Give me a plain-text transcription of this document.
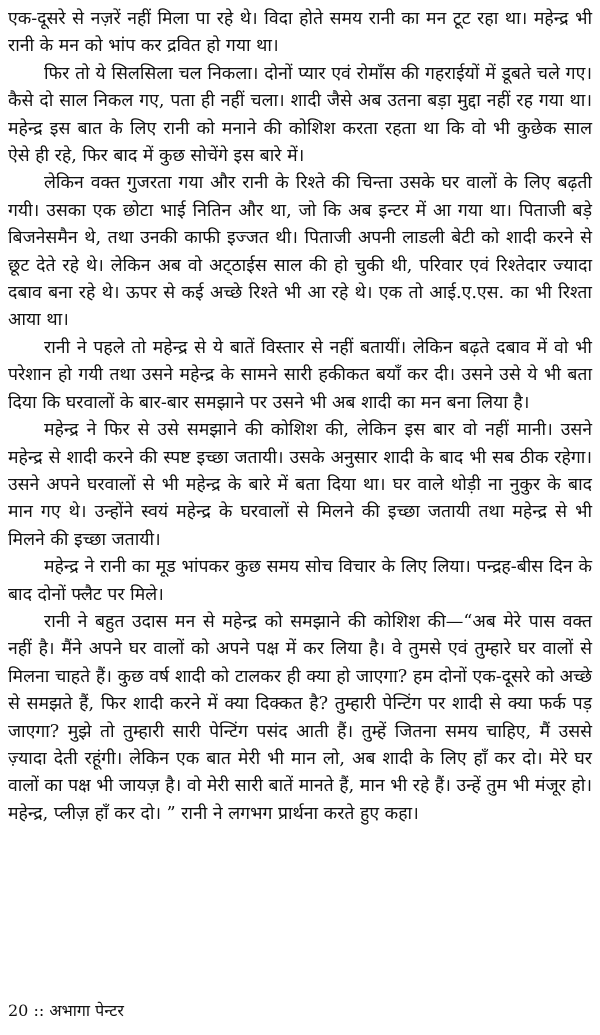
एक-दूसरे से नज़रें नहीं मिला पा रहे थे। विदा होते समय रानी का मन टूट रहा था। महेन्द्र भी रानी के मन को भांप कर द्रवित हो गया था।

फिर तो ये सिलसिला चल निकला। दोनों प्यार एवं रोमाँस की गहराईयों में डूबते चले गए। कैसे दो साल निकल गए, पता ही नहीं चला। शादी जैसे अब उतना बड़ा मुद्दा नहीं रह गया था। महेन्द्र इस बात के लिए रानी को मनाने की कोशिश करता रहता था कि वो भी कुछेक साल ऐसे ही रहे, फिर बाद में कुछ सोचेंगे इस बारे में।

लेकिन वक्त गुजरता गया और रानी के रिश्ते की चिन्ता उसके घर वालों के लिए बढ़ती गयी। उसका एक छोटा भाई नितिन और था, जो कि अब इन्टर में आ गया था। पिताजी बड़े बिजनेसमैन थे, तथा उनकी काफी इज्जत थी। पिताजी अपनी लाडली बेटी को शादी करने से छूट देते रहे थे। लेकिन अब वो अट्‌ठाईस साल की हो चुकी थी, परिवार एवं रिश्तेदार ज्यादा दबाव बना रहे थे। ऊपर से कई अच्छे रिश्ते भी आ रहे थे। एक तो आई.ए.एस. का भी रिश्ता आया था।

रानी ने पहले तो महेन्द्र से ये बातें विस्तार से नहीं बतायीं। लेकिन बढ़ते दबाव में वो भी परेशान हो गयी तथा उसने महेन्द्र के सामने सारी हकीकत बयाँ कर दी। उसने उसे ये भी बता दिया कि घरवालों के बार-बार समझाने पर उसने भी अब शादी का मन बना लिया है।

महेन्द्र ने फिर से उसे समझाने की कोशिश की, लेकिन इस बार वो नहीं मानी। उसने महेन्द्र से शादी करने की स्पष्ट इच्छा जतायी। उसके अनुसार शादी के बाद भी सब ठीक रहेगा। उसने अपने घरवालों से भी महेन्द्र के बारे में बता दिया था। घर वाले थोड़ी ना नुकुर के बाद मान गए थे। उन्होंने स्वयं महेन्द्र के घरवालों से मिलने की इच्छा जतायी तथा महेन्द्र से भी मिलने की इच्छा जतायी।

महेन्द्र ने रानी का मूड भांपकर कुछ समय सोच विचार के लिए लिया। पन्द्रह-बीस दिन के बाद दोनों फ्लैट पर मिले।

रानी ने बहुत उदास मन से महेन्द्र को समझाने की कोशिश की—“अब मेरे पास वक्त नहीं है। मैंने अपने घर वालों को अपने पक्ष में कर लिया है। वे तुमसे एवं तुम्हारे घर वालों से मिलना चाहते हैं। कुछ वर्ष शादी को टालकर ही क्या हो जाएगा? हम दोनों एक-दूसरे को अच्छे से समझते हैं, फिर शादी करने में क्या दिक्कत है? तुम्हारी पेन्टिंग पर शादी से क्या फर्क पड़ जाएगा? मुझे तो तुम्हारी सारी पेन्टिंग पसंद आती हैं। तुम्हें जितना समय चाहिए, मैं उससे ज़्यादा देती रहूंगी। लेकिन एक बात मेरी भी मान लो, अब शादी के लिए हाँ कर दो। मेरे घर वालों का पक्ष भी जायज़ है। वो मेरी सारी बातें मानते हैं, मान भी रहे हैं। उन्हें तुम भी मंजूर हो। महेन्द्र, प्लीज़ हाँ कर दो। ” रानी ने लगभग प्रार्थना करते हुए कहा।

20 :: अभागा पेन्टर
